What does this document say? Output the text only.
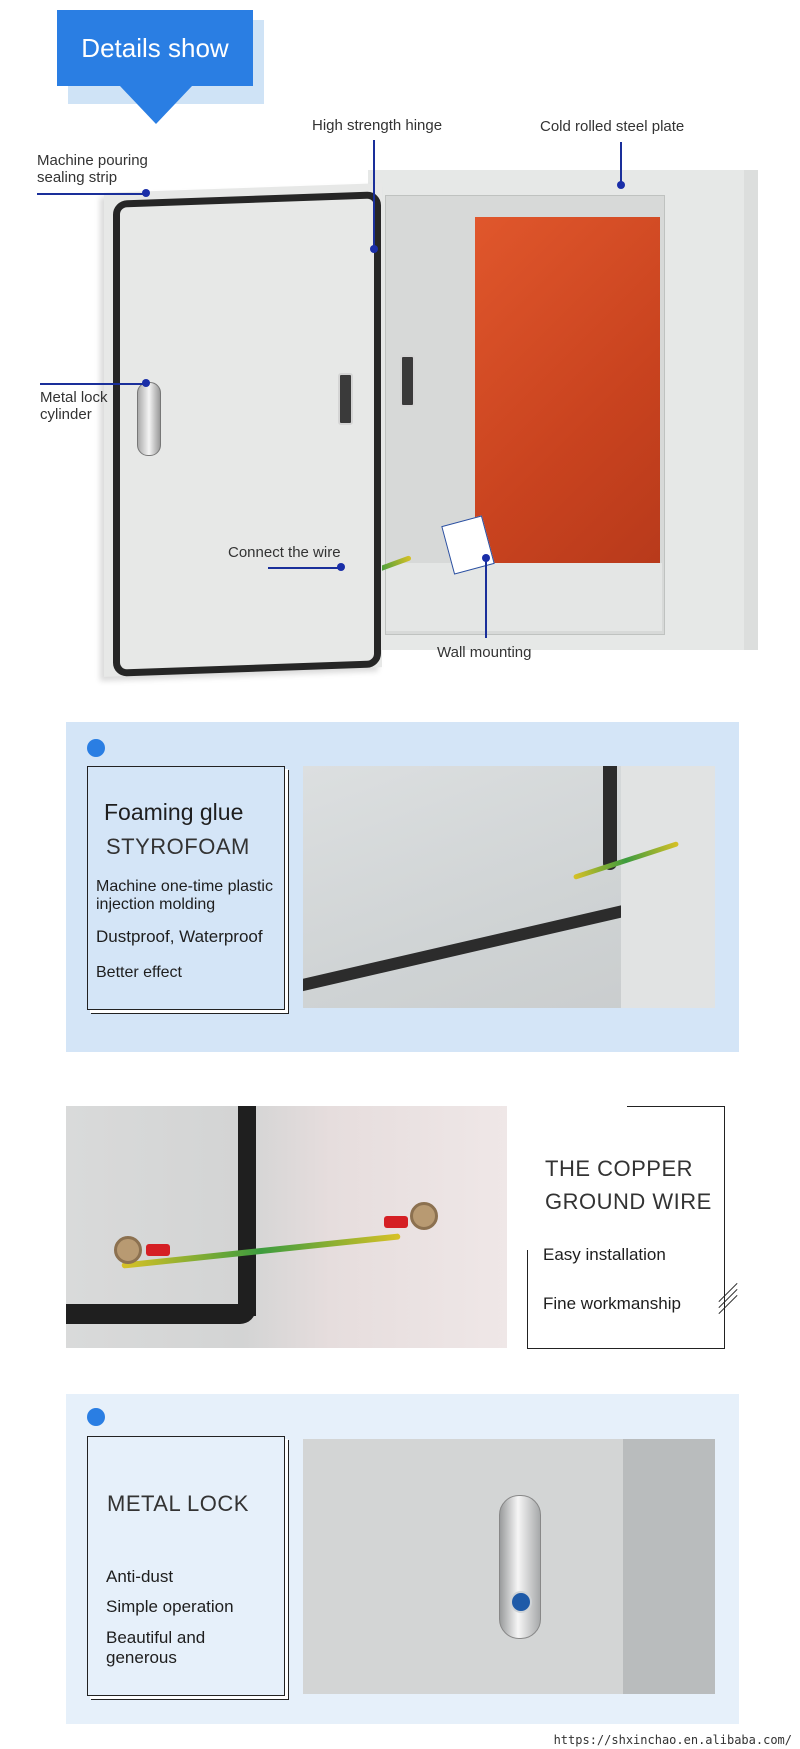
Details show
High strength hinge	Cold rolled steel plate
Machine pouring
sealing strip
Metal lock
cylinder
Connect the wire
Wall mounting
Foaming glue
STYROFOAM
Machine one-time plastic
injection molding
Dustproof, Waterproof
Better effect
THE COPPER
GROUND WIRE
Easy installation
Fine workmanship
METAL LOCK
Anti-dust
Simple operation
Beautiful and
generous
https://shxinchao.en.alibaba.com/
